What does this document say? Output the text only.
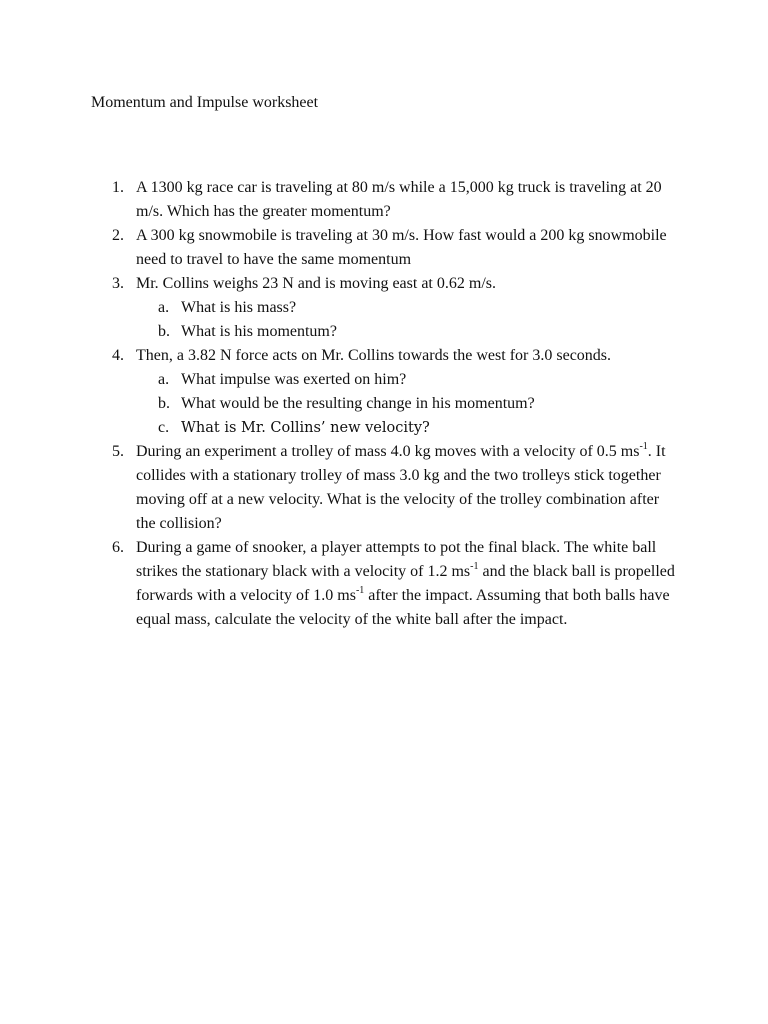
Momentum and Impulse worksheet
1. A 1300 kg race car is traveling at 80 m/s while a 15,000 kg truck is traveling at 20 m/s. Which has the greater momentum?
2. A 300 kg snowmobile is traveling at 30 m/s. How fast would a 200 kg snowmobile need to travel to have the same momentum
3. Mr. Collins weighs 23 N and is moving east at 0.62 m/s.
a. What is his mass?
b. What is his momentum?
4. Then, a 3.82 N force acts on Mr. Collins towards the west for 3.0 seconds.
a. What impulse was exerted on him?
b. What would be the resulting change in his momentum?
c. What is Mr. Collins’ new velocity?
5. During an experiment a trolley of mass 4.0 kg moves with a velocity of 0.5 $ms^{-1}$. It collides with a stationary trolley of mass 3.0 kg and the two trolleys stick together moving off at a new velocity. What is the velocity of the trolley combination after the collision?
6. During a game of snooker, a player attempts to pot the final black. The white ball strikes the stationary black with a velocity of 1.2 $ms^{-1}$ and the black ball is propelled forwards with a velocity of 1.0 $ms^{-1}$ after the impact. Assuming that both balls have equal mass, calculate the velocity of the white ball after the impact.
